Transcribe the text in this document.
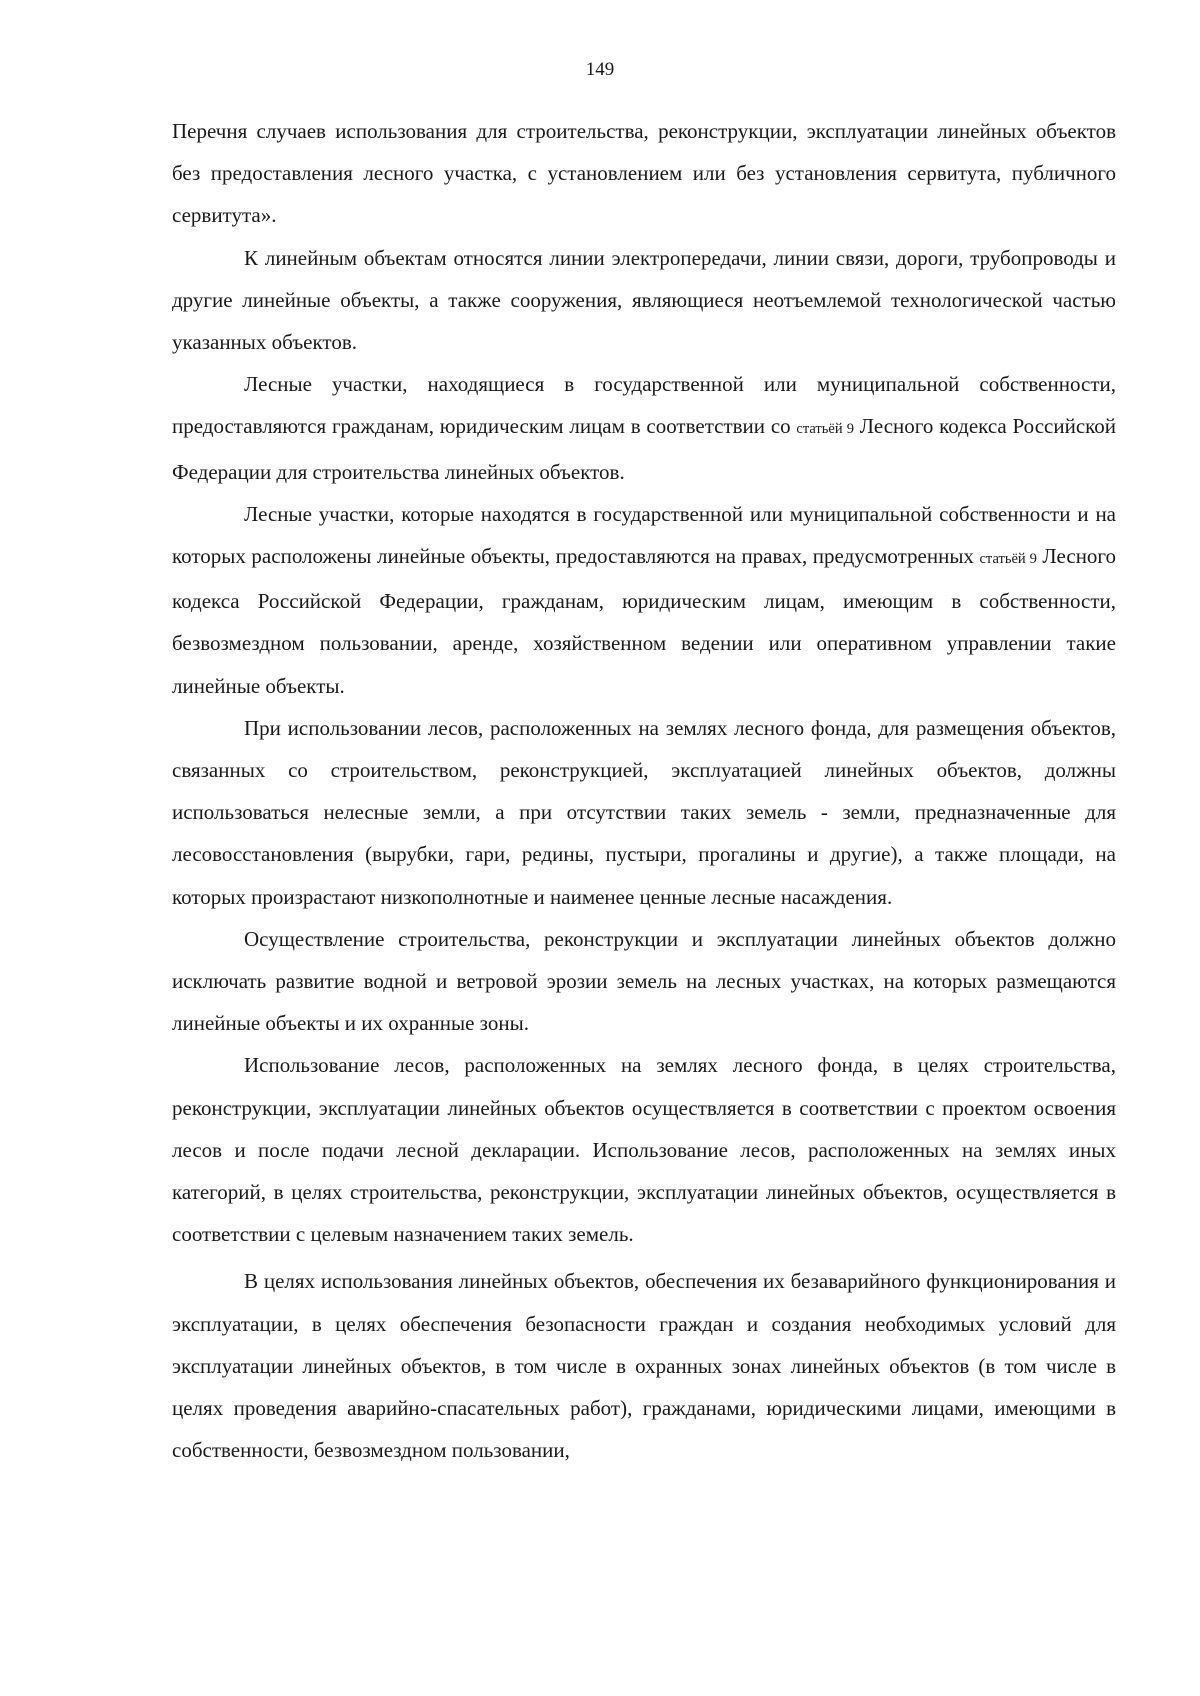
149

Перечня случаев использования для строительства, реконструкции, эксплуатации линейных объектов без предоставления лесного участка, с установлением или без установления сервитута, публичного сервитута».

К линейным объектам относятся линии электропередачи, линии связи, дороги, трубопроводы и другие линейные объекты, а также сооружения, являющиеся неотъемлемой технологической частью указанных объектов.

Лесные участки, находящиеся в государственной или муниципальной собственности, предоставляются гражданам, юридическим лицам в соответствии со статьёй 9 Лесного кодекса Российской Федерации для строительства линейных объектов.

Лесные участки, которые находятся в государственной или муниципальной собственности и на которых расположены линейные объекты, предоставляются на правах, предусмотренных статьёй 9 Лесного кодекса Российской Федерации, гражданам, юридическим лицам, имеющим в собственности, безвозмездном пользовании, аренде, хозяйственном ведении или оперативном управлении такие линейные объекты.

При использовании лесов, расположенных на землях лесного фонда, для размещения объектов, связанных со строительством, реконструкцией, эксплуатацией линейных объектов, должны использоваться нелесные земли, а при отсутствии таких земель - земли, предназначенные для лесовосстановления (вырубки, гари, редины, пустыри, прогалины и другие), а также площади, на которых произрастают низкополнотные и наименее ценные лесные насаждения.

Осуществление строительства, реконструкции и эксплуатации линейных объектов должно исключать развитие водной и ветровой эрозии земель на лесных участках, на которых размещаются линейные объекты и их охранные зоны.

Использование лесов, расположенных на землях лесного фонда, в целях строительства, реконструкции, эксплуатации линейных объектов осуществляется в соответствии с проектом освоения лесов и после подачи лесной декларации. Использование лесов, расположенных на землях иных категорий, в целях строительства, реконструкции, эксплуатации линейных объектов, осуществляется в соответствии с целевым назначением таких земель.

В целях использования линейных объектов, обеспечения их безаварийного функционирования и эксплуатации, в целях обеспечения безопасности граждан и создания необходимых условий для эксплуатации линейных объектов, в том числе в охранных зонах линейных объектов (в том числе в целях проведения аварийно-спасательных работ), гражданами, юридическими лицами, имеющими в собственности, безвозмездном пользовании,
